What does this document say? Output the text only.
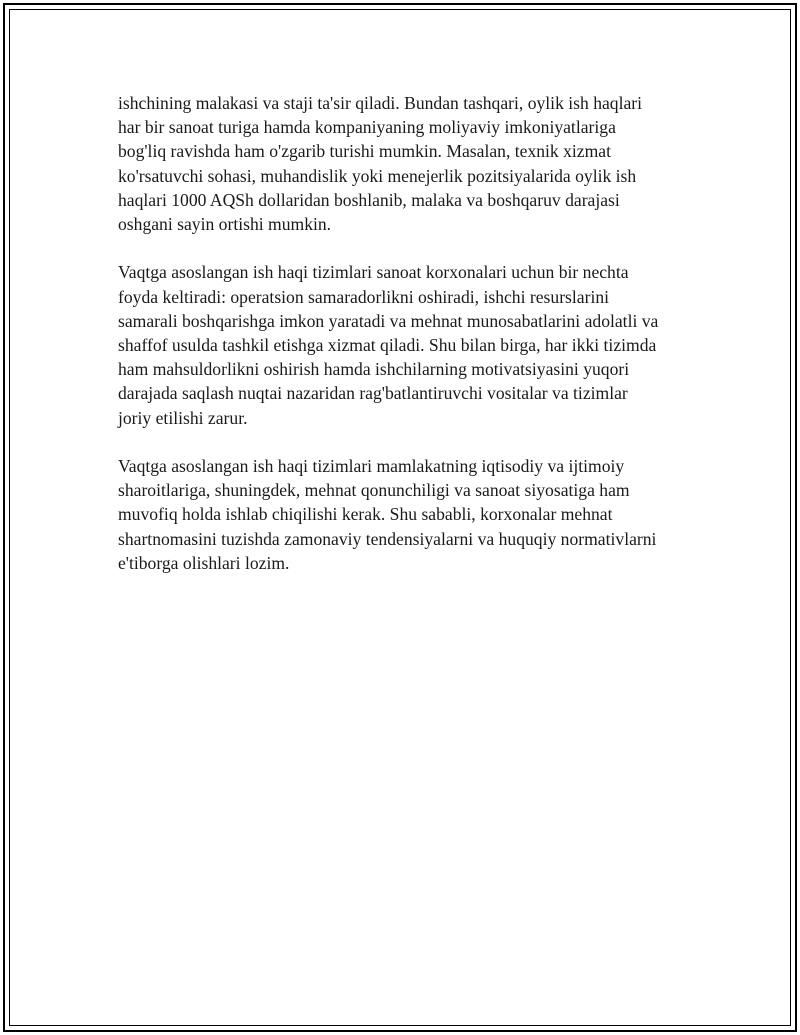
ishchining malakasi va staji ta'sir qiladi. Bundan tashqari, oylik ish haqlari
har bir sanoat turiga hamda kompaniyaning moliyaviy imkoniyatlariga
bog'liq ravishda ham o'zgarib turishi mumkin. Masalan, texnik xizmat
ko'rsatuvchi sohasi, muhandislik yoki menejerlik pozitsiyalarida oylik ish
haqlari 1000 AQSh dollaridan boshlanib, malaka va boshqaruv darajasi
oshgani sayin ortishi mumkin.

Vaqtga asoslangan ish haqi tizimlari sanoat korxonalari uchun bir nechta
foyda keltiradi: operatsion samaradorlikni oshiradi, ishchi resurslarini
samarali boshqarishga imkon yaratadi va mehnat munosabatlarini adolatli va
shaffof usulda tashkil etishga xizmat qiladi. Shu bilan birga, har ikki tizimda
ham mahsuldorlikni oshirish hamda ishchilarning motivatsiyasini yuqori
darajada saqlash nuqtai nazaridan rag'batlantiruvchi vositalar va tizimlar
joriy etilishi zarur.

Vaqtga asoslangan ish haqi tizimlari mamlakatning iqtisodiy va ijtimoiy
sharoitlariga, shuningdek, mehnat qonunchiligi va sanoat siyosatiga ham
muvofiq holda ishlab chiqilishi kerak. Shu sababli, korxonalar mehnat
shartnomasini tuzishda zamonaviy tendensiyalarni va huquqiy normativlarni
e'tiborga olishlari lozim.
